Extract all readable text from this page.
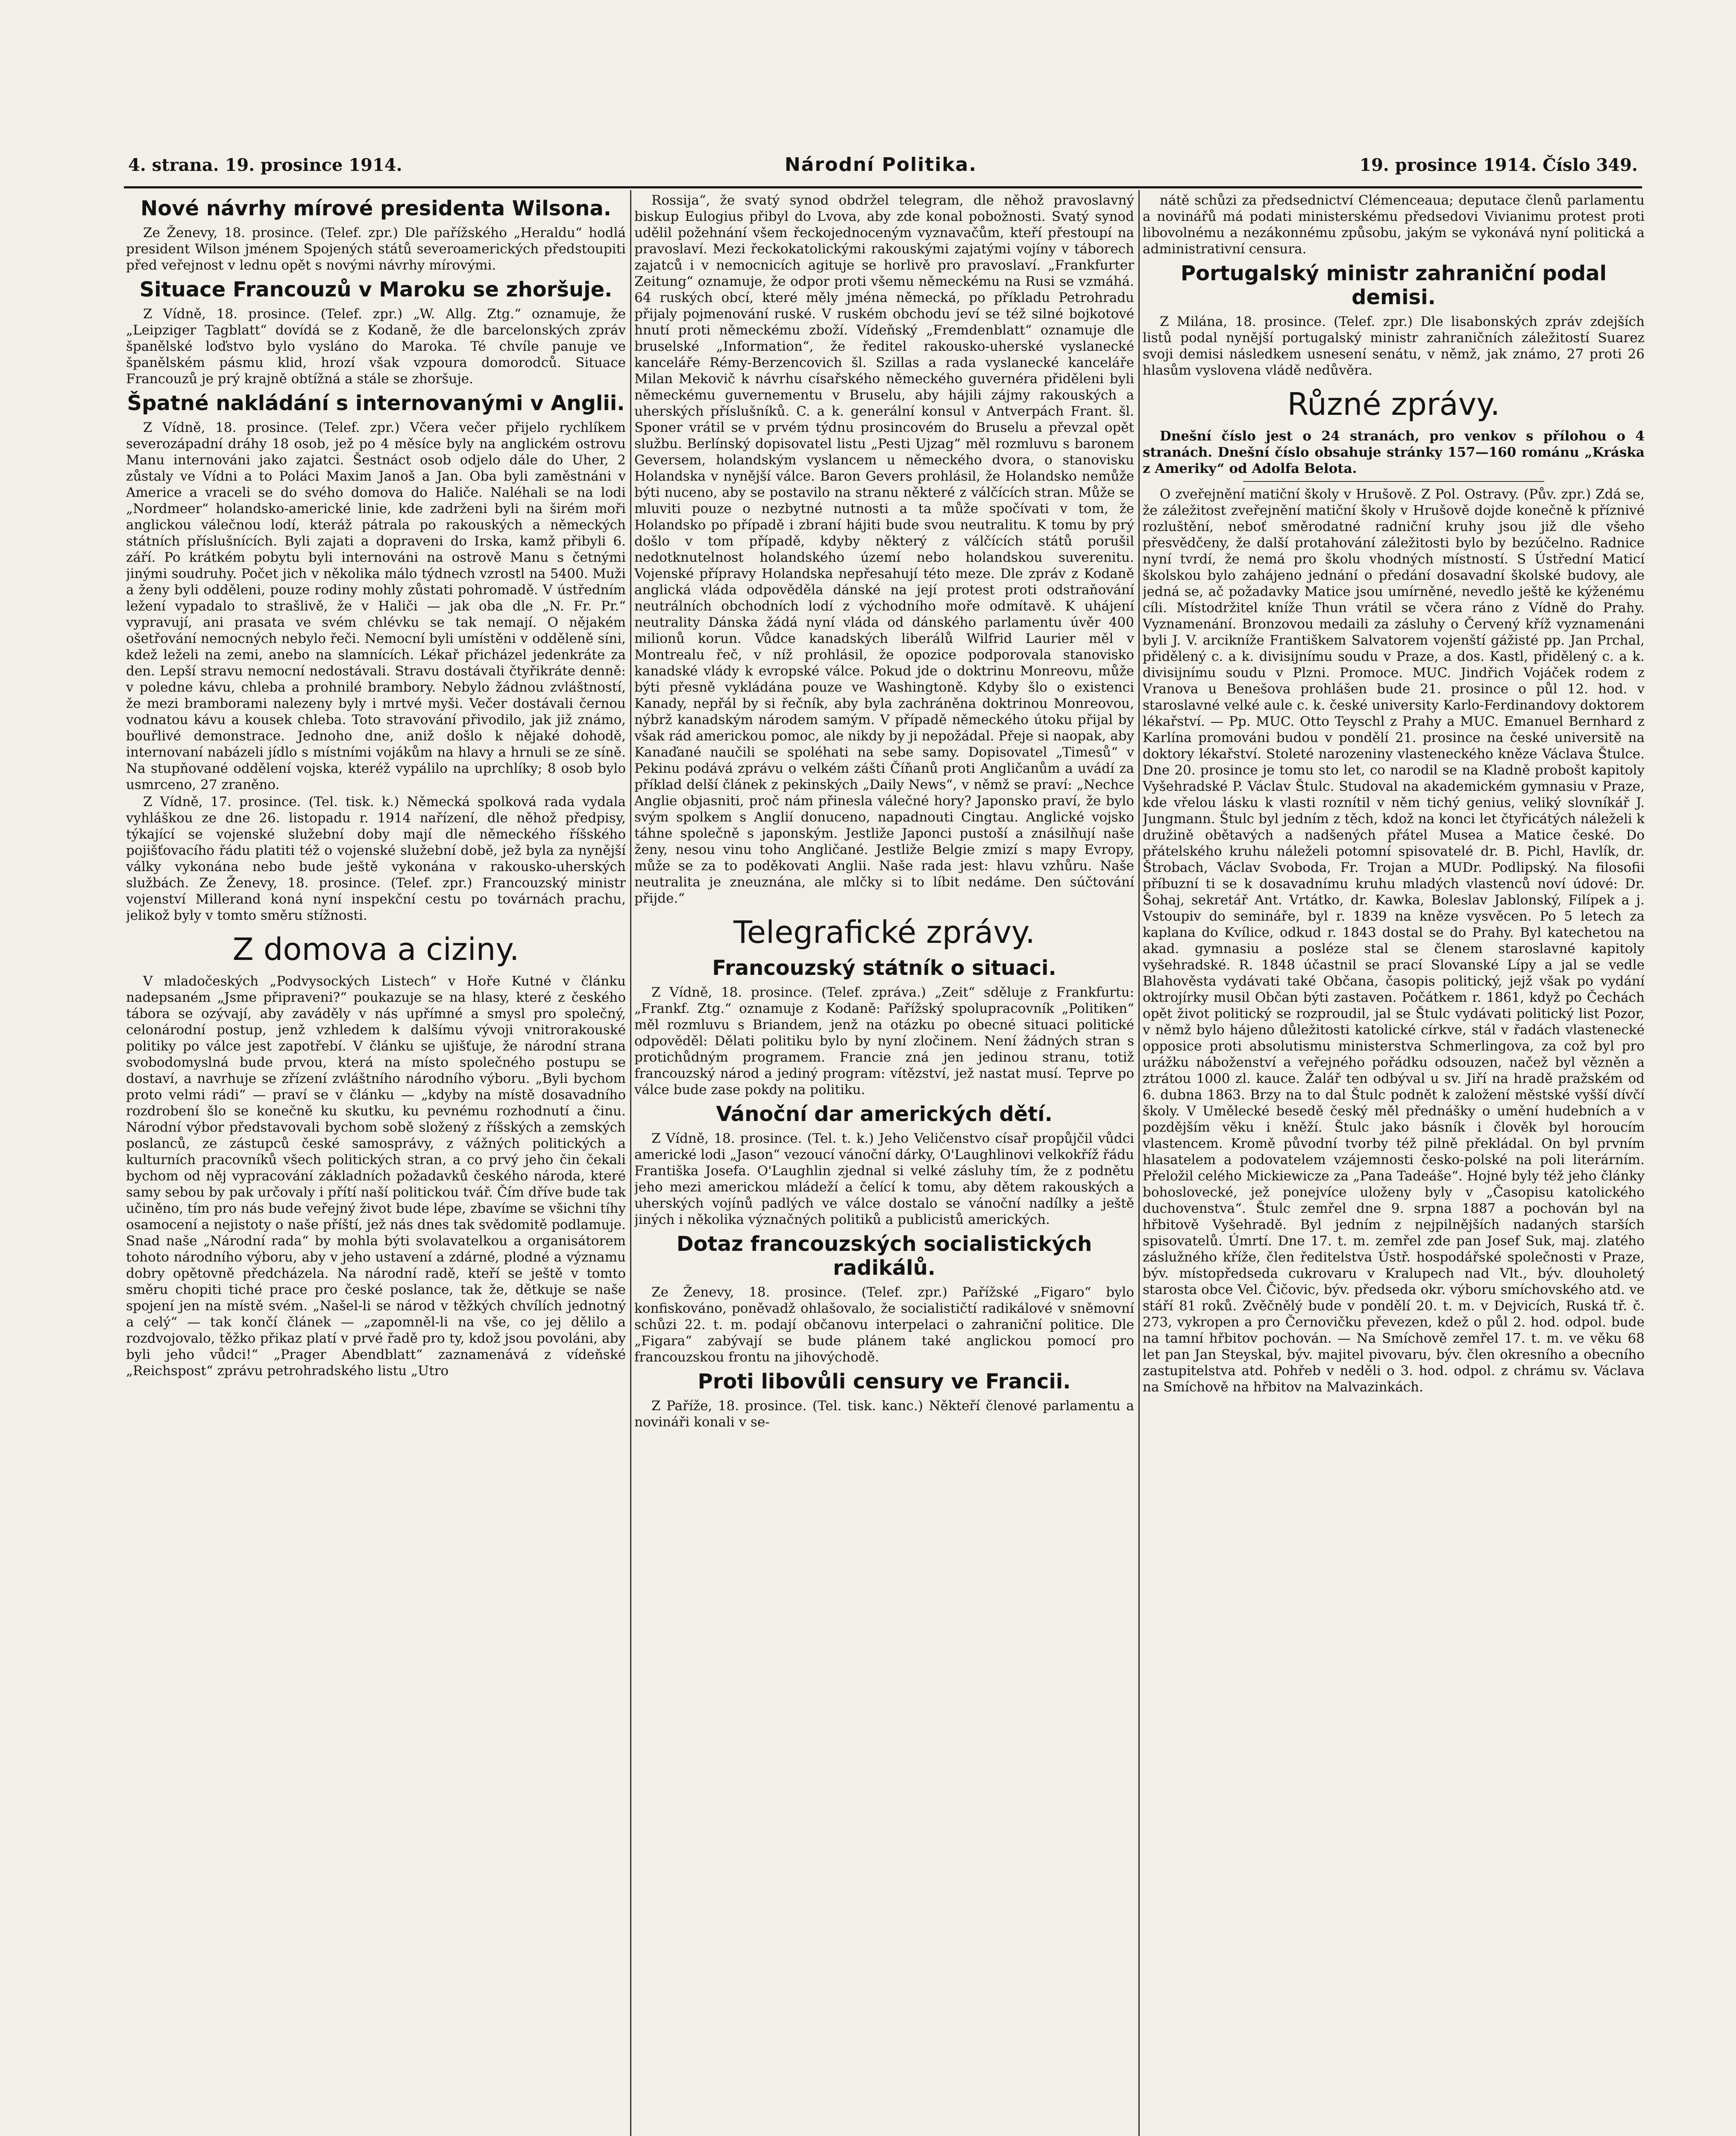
4. strana. 19. prosince 1914.	Národní Politika.	19. prosince 1914. Číslo 349.
Nové návrhy mírové presidenta Wilsona.

Ze Ženevy, 18. prosince. (Telef. zpr.) Dle pařížského „Heraldu“ hodlá president Wilson jménem Spojených států severoamerických předstoupiti před veřejnost v lednu opět s novými návrhy mírovými.

Situace Francouzů v Maroku se zhoršuje.

Z Vídně, 18. prosince. (Telef. zpr.) „W. Allg. Ztg.“ oznamuje, že „Leipziger Tagblatt“ dovídá se z Kodaně, že dle barcelonských zpráv španělské loďstvo bylo vysláno do Maroka. Té chvíle panuje ve španělském pásmu klid, hrozí však vzpoura domorodců. Situace Francouzů je prý krajně obtížná a stále se zhoršuje.

Špatné nakládání s internovanými v Anglii.

Z Vídně, 18. prosince. (Telef. zpr.) Včera večer přijelo rychlíkem severozápadní dráhy 18 osob, jež po 4 měsíce byly na anglickém ostrovu Manu internováni jako zajatci. Šestnáct osob odjelo dále do Uher, 2 zůstaly ve Vídni a to Poláci Maxim Janoš a Jan. Oba byli zaměstnáni v Americe a vraceli se do svého domova do Haliče. Naléhali se na lodi „Nordmeer“ holandsko-americké linie, kde zadrženi byli na širém moři anglickou válečnou lodí, kteráž pátrala po rakouských a německých státních příslušnících. Byli zajati a dopraveni do Irska, kamž přibyli 6. září. Po krátkém pobytu byli internováni na ostrově Manu s četnými jinými soudruhy. Počet jich v několika málo týdnech vzrostl na 5400. Muži a ženy byli odděleni, pouze rodiny mohly zůstati pohromadě. V ústředním ležení vypadalo to strašlivě, že v Haliči — jak oba dle „N. Fr. Pr.“ vypravují, ani prasata ve svém chlévku se tak nemají. O nějakém ošetřování nemocných nebylo řeči. Nemocní byli umístěni v odděleně síni, kdež leželi na zemi, anebo na slamnících. Lékař přicházel jedenkráte za den. Lepší stravu nemocní nedostávali. Stravu dostávali čtyřikráte denně: v poledne kávu, chleba a prohnilé brambory. Nebylo žádnou zvláštností, že mezi bramborami nalezeny byly i mrtvé myši. Večer dostávali černou vodnatou kávu a kousek chleba. Toto stravování přivodilo, jak již známo, bouřlivé demonstrace. Jednoho dne, aniž došlo k nějaké dohodě, internovaní nabázeli jídlo s místními vojákům na hlavy a hrnuli se ze síně. Na stupňované oddělení vojska, kteréž vypálilo na uprchlíky; 8 osob bylo usmrceno, 27 zraněno.

Z Vídně, 17. prosince. (Tel. tisk. k.) Německá spolková rada vydala vyhláškou ze dne 26. listopadu r. 1914 nařízení, dle něhož předpisy, týkající se vojenské služební doby mají dle německého říšského pojišťovacího řádu platiti též o vojenské služební době, jež byla za nynější války vykonána nebo bude ještě vykonána v rakousko-uherských službách. Ze Ženevy, 18. prosince. (Telef. zpr.) Francouzský ministr vojenství Millerand koná nyní inspekční cestu po továrnách prachu, jelikož byly v tomto směru stížnosti.

Z domova a ciziny.

V mladočeských „Podvysockých Listech“ v Hoře Kutné v článku nadepsaném „Jsme připraveni?“ poukazuje se na hlasy, které z českého tábora se ozývají, aby zaváděly v nás upřímné a smysl pro společný, celonárodní postup, jenž vzhledem k dalšímu vývoji vnitrorakouské politiky po válce jest zapotřebí. V článku se ujišťuje, že národní strana svobodomyslná bude prvou, která na místo společného postupu se dostaví, a navrhuje se zřízení zvláštního národního výboru. „Byli bychom proto velmi rádi“ — praví se v článku — „kdyby na místě dosavadního rozdrobení šlo se konečně ku skutku, ku pevnému rozhodnutí a činu. Národní výbor představovali bychom sobě složený z říšských a zemských poslanců, ze zástupců české samosprávy, z vážných politických a kulturních pracovníků všech politických stran, a co prvý jeho čin čekali bychom od něj vypracování základních požadavků českého národa, které samy sebou by pak určovaly i přítí naší politickou tvář. Čím dříve bude tak učiněno, tím pro nás bude veřejný život bude lépe, zbavíme se všichni tíhy osamocení a nejistoty o naše příští, jež nás dnes tak svědomitě podlamuje. Snad naše „Národní rada“ by mohla býti svolavatelkou a organisátorem tohoto národního výboru, aby v jeho ustavení a zdárné, plodné a významu dobry opětovně předcházela. Na národní radě, kteří se ještě v tomto směru chopiti tiché prace pro české poslance, tak že, dětkuje se naše spojení jen na místě svém. „Našel-li se národ v těžkých chvílích jednotný a celý“ — tak končí článek — „zapomněl-li na vše, co jej dělilo a rozdvojovalo, těžko přikaz platí v prvé řadě pro ty, kdož jsou povoláni, aby byli jeho vůdci!“ „Prager Abendblatt“ zaznamenává z vídeňské „Reichspost“ zprávu petrohradského listu „Utro

Rossija“, že svatý synod obdržel telegram, dle něhož pravoslavný biskup Eulogius přibyl do Lvova, aby zde konal pobožnosti. Svatý synod udělil požehnání všem řeckojednoceným vyznavačům, kteří přestoupí na pravoslaví. Mezi řeckokatolickými rakouskými zajatými vojíny v táborech zajatců i v nemocnicích agituje se horlivě pro pravoslaví. „Frankfurter Zeitung“ oznamuje, že odpor proti všemu německému na Rusi se vzmáhá. 64 ruských obcí, které měly jména německá, po příkladu Petrohradu přijaly pojmenování ruské. V ruském obchodu jeví se též silné bojkotové hnutí proti německému zboží. Vídeňský „Fremdenblatt“ oznamuje dle bruselské „Information“, že ředitel rakousko-uherské vyslanecké kanceláře Rémy-Berzencovich šl. Szillas a rada vyslanecké kanceláře Milan Mekovič k návrhu císařského německého guvernéra přiděleni byli německému guvernementu v Bruselu, aby hájili zájmy rakouských a uherských příslušníků. C. a k. generální konsul v Antverpách Frant. šl. Sponer vrátil se v prvém týdnu prosincovém do Bruselu a převzal opět službu. Berlínský dopisovatel listu „Pesti Ujzag“ měl rozmluvu s baronem Geversem, holandským vyslancem u německého dvora, o stanovisku Holandska v nynější válce. Baron Gevers prohlásil, že Holandsko nemůže býti nuceno, aby se postavilo na stranu některé z válčících stran. Může se mluviti pouze o nezbytné nutnosti a ta může spočívati v tom, že Holandsko po případě i zbraní hájiti bude svou neutralitu. K tomu by prý došlo v tom případě, kdyby některý z válčících států porušil nedotknutelnost holandského území nebo holandskou suverenitu. Vojenské přípravy Holandska nepřesahují této meze. Dle zpráv z Kodaně anglická vláda odpověděla dánské na její protest proti odstraňování neutrálních obchodních lodí z východního moře odmítavě. K uhájení neutrality Dánska žádá nyní vláda od dánského parlamentu úvěr 400 milionů korun. Vůdce kanadských liberálů Wilfrid Laurier měl v Montrealu řeč, v níž prohlásil, že opozice podporovala stanovisko kanadské vlády k evropské válce. Pokud jde o doktrinu Monreovu, může býti přesně vykládána pouze ve Washingtoně. Kdyby šlo o existenci Kanady, nepřál by si řečník, aby byla zachráněna doktrinou Monreovou, nýbrž kanadským národem samým. V případě německého útoku přijal by však rád americkou pomoc, ale nikdy by ji nepožádal. Přeje si naopak, aby Kanaďané naučili se spoléhati na sebe samy. Dopisovatel „Timesů“ v Pekinu podává zprávu o velkém zášti Číňanů proti Angličanům a uvádí za příklad delší článek z pekinských „Daily News“, v němž se praví: „Nechce Anglie objasniti, proč nám přinesla válečné hory? Japonsko praví, že bylo svým spolkem s Anglií donuceno, napadnouti Cingtau. Anglické vojsko táhne společně s japonským. Jestliže Japonci pustoší a znásilňují naše ženy, nesou vinu toho Angličané. Jestliže Belgie zmizí s mapy Evropy, může se za to poděkovati Anglii. Naše rada jest: hlavu vzhůru. Naše neutralita je zneuznána, ale mlčky si to líbit nedáme. Den súčtování přijde.“

Telegrafické zprávy.
Francouzský státník o situaci.

Z Vídně, 18. prosince. (Telef. zpráva.) „Zeit“ sděluje z Frankfurtu: „Frankf. Ztg.“ oznamuje z Kodaně: Pařížský spolupracovník „Politiken“ měl rozmluvu s Briandem, jenž na otázku po obecné situaci politické odpověděl: Dělati politiku bylo by nyní zločinem. Není žádných stran s protichůdným programem. Francie zná jen jedinou stranu, totiž francouzský národ a jediný program: vítězství, jež nastat musí. Teprve po válce bude zase pokdy na politiku.

Vánoční dar amerických dětí.

Z Vídně, 18. prosince. (Tel. t. k.) Jeho Veličenstvo císař propůjčil vůdci americké lodi „Jason“ vezoucí vánoční dárky, O'Laughlinovi velkokříž řádu Františka Josefa. O'Laughlin zjednal si velké zásluhy tím, že z podnětu jeho mezi americkou mládeží a čelící k tomu, aby dětem rakouských a uherských vojínů padlých ve válce dostalo se vánoční nadílky a ještě jiných i několika význačných politiků a publicistů amerických.

Dotaz francouzských socialistických radikálů.

Ze Ženevy, 18. prosince. (Telef. zpr.) Pařížské „Figaro“ bylo konfiskováno, poněvadž ohlašovalo, že socialističtí radikálové v sněmovní schůzi 22. t. m. podají občanovu interpelaci o zahraniční politice. Dle „Figara“ zabývají se bude plánem také anglickou pomocí pro francouzskou frontu na jihovýchodě.

Proti libovůli censury ve Francii.

Z Paříže, 18. prosince. (Tel. tisk. kanc.) Někteří členové parlamentu a novináři konali v se-

nátě schůzi za předsednictví Clémenceaua; deputace členů parlamentu a novinářů má podati ministerskému předsedovi Vivianimu protest proti libovolnému a nezákonnému způsobu, jakým se vykonává nyní politická a administrativní censura.

Portugalský ministr zahraniční podal demisi.

Z Milána, 18. prosince. (Telef. zpr.) Dle lisabonských zpráv zdejších listů podal nynější portugalský ministr zahraničních záležitostí Suarez svoji demisi následkem usnesení senátu, v němž, jak známo, 27 proti 26 hlasům vyslovena vládě nedůvěra.

Různé zprávy.

Dnešní číslo jest o 24 stranách, pro venkov s přílohou o 4 stranách. Dnešní číslo obsahuje stránky 157—160 románu „Kráska z Ameriky“ od Adolfa Belota.

O zveřejnění matiční školy v Hrušově. Z Pol. Ostravy. (Pův. zpr.) Zdá se, že záležitost zveřejnění matiční školy v Hrušově dojde konečně k příznivé rozluštění, neboť směrodatné radniční kruhy jsou již dle všeho přesvědčeny, že další protahování záležitosti bylo by bezúčelno. Radnice nyní tvrdí, že nemá pro školu vhodných místností. S Ústřední Maticí školskou bylo zahájeno jednání o předání dosavadní školské budovy, ale jedná se, ač požadavky Matice jsou umírněné, nevedlo ještě ke kýženému cíli. Místodržitel kníže Thun vrátil se včera ráno z Vídně do Prahy. Vyznamenání. Bronzovou medaili za zásluhy o Červený kříž vyznamenáni byli J. V. arcikníže Františkem Salvatorem vojenští gážisté pp. Jan Prchal, přidělený c. a k. divisijnímu soudu v Praze, a dos. Kastl, přidělený c. a k. divisijnímu soudu v Plzni. Promoce. MUC. Jindřich Vojáček rodem z Vranova u Benešova prohlášen bude 21. prosince o půl 12. hod. v staroslavné velké aule c. k. české university Karlo-Ferdinandovy doktorem lékařství. — Pp. MUC. Otto Teyschl z Prahy a MUC. Emanuel Bernhard z Karlína promováni budou v pondělí 21. prosince na české universitě na doktory lékařství. Stoleté narozeniny vlasteneckého kněze Václava Štulce. Dne 20. prosince je tomu sto let, co narodil se na Kladně probošt kapitoly Vyšehradské P. Václav Štulc. Studoval na akademickém gymnasiu v Praze, kde vřelou lásku k vlasti roznítil v něm tichý genius, veliký slovníkář J. Jungmann. Štulc byl jedním z těch, kdož na konci let čtyřicátých náleželi k družině obětavých a nadšených přátel Musea a Matice české. Do přátelského kruhu náleželi potomní spisovatelé dr. B. Pichl, Havlík, dr. Štrobach, Václav Svoboda, Fr. Trojan a MUDr. Podlipský. Na filosofii příbuzní ti se k dosavadnímu kruhu mladých vlastenců noví údové: Dr. Šohaj, sekretář Ant. Vrtátko, dr. Kawka, Boleslav Jablonský, Filípek a j. Vstoupiv do semináře, byl r. 1839 na kněze vysvěcen. Po 5 letech za kaplana do Kvílice, odkud r. 1843 dostal se do Prahy. Byl katechetou na akad. gymnasiu a posléze stal se členem staroslavné kapitoly vyšehradské. R. 1848 účastnil se prací Slovanské Lípy a jal se vedle Blahověsta vydávati také Občana, časopis politický, jejž však po vydání oktrojírky musil Občan býti zastaven. Počátkem r. 1861, když po Čechách opět život politický se rozproudil, jal se Štulc vydávati politický list Pozor, v němž bylo hájeno důležitosti katolické církve, stál v řadách vlastenecké opposice proti absolutismu ministerstva Schmerlingova, za což byl pro urážku náboženství a veřejného pořádku odsouzen, načež byl vězněn a ztrátou 1000 zl. kauce. Žalář ten odbýval u sv. Jiří na hradě pražském od 6. dubna 1863. Brzy na to dal Štulc podnět k založení městské vyšší dívčí školy. V Umělecké besedě český měl přednášky o umění hudebních a v pozdějším věku i kněží. Štulc jako básník i člověk byl horoucím vlastencem. Kromě původní tvorby též pilně překládal. On byl prvním hlasatelem a podovatelem vzájemnosti česko-polské na poli literárním. Přeložil celého Mickiewicze za „Pana Tadeáše“. Hojné byly též jeho články bohoslovecké, jež ponejvíce uloženy byly v „Časopisu katolického duchovenstva“. Štulc zemřel dne 9. srpna 1887 a pochován byl na hřbitově Vyšehradě. Byl jedním z nejpilnějších nadaných starších spisovatelů. Úmrtí. Dne 17. t. m. zemřel zde pan Josef Suk, maj. zlatého záslužného kříže, člen ředitelstva Ústř. hospodářské společnosti v Praze, býv. místopředseda cukrovaru v Kralupech nad Vlt., býv. dlouholetý starosta obce Vel. Čičovic, býv. předseda okr. výboru smíchovského atd. ve stáří 81 roků. Zvěčnělý bude v pondělí 20. t. m. v Dejvicích, Ruská tř. č. 273, vykropen a pro Černovičku převezen, kdež o půl 2. hod. odpol. bude na tamní hřbitov pochován. — Na Smíchově zemřel 17. t. m. ve věku 68 let pan Jan Steyskal, býv. majitel pivovaru, býv. člen okresního a obecního zastupitelstva atd. Pohřeb v neděli o 3. hod. odpol. z chrámu sv. Václava na Smíchově na hřbitov na Malvazinkách.
